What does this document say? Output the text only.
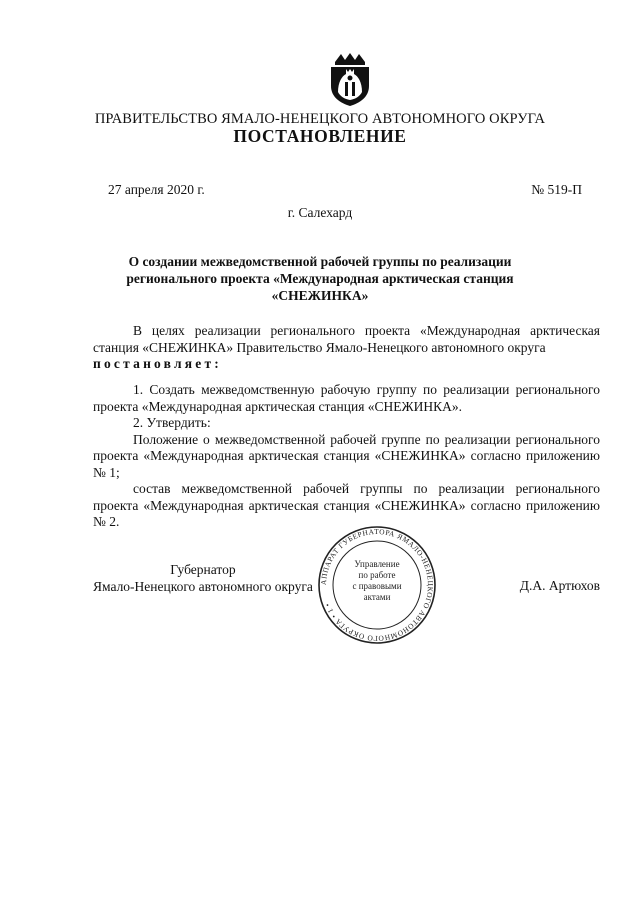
ПРАВИТЕЛЬСТВО ЯМАЛО-НЕНЕЦКОГО АВТОНОМНОГО ОКРУГА
ПОСТАНОВЛЕНИЕ
27 апреля 2020 г.	№ 519-П
г. Салехард
О создании межведомственной рабочей группы по реализации регионального проекта «Международная арктическая станция «СНЕЖИНКА»

В целях реализации регионального проекта «Международная арктическая станция «СНЕЖИНКА» Правительство Ямало-Ненецкого автономного округа

постановляет:

1. Создать межведомственную рабочую группу по реализации регионального проекта «Международная арктическая станция «СНЕЖИНКА».

2. Утвердить:

Положение о межведомственной рабочей группе по реализации регионального проекта «Международная арктическая станция «СНЕЖИНКА» согласно приложению № 1;

состав межведомственной рабочей группы по реализации регионального проекта «Международная арктическая станция «СНЕЖИНКА» согласно приложению № 2.

Губернатор
Ямало-Ненецкого автономного округа АППАРАТ ГУБЕРНАТОРА ЯМАЛО-НЕНЕЦКОГО АВТОНОМНОГО ОКРУГА • 1 •
Управление
по работе
с правовыми
актами
Д.А. Артюхов
